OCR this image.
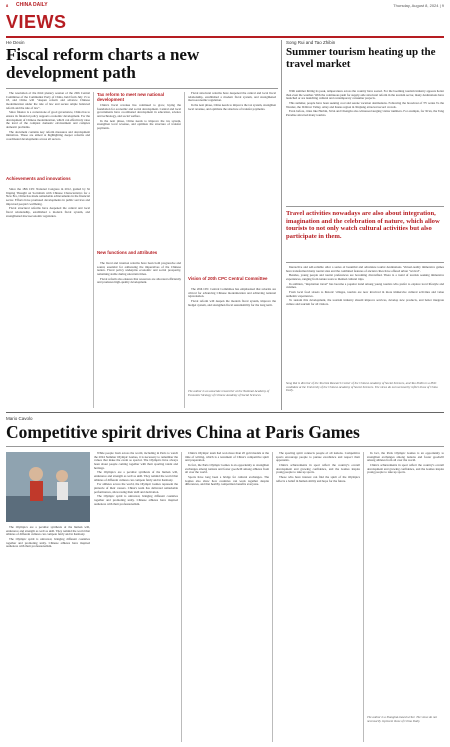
8 CHINA DAILY	Thursday, August 8, 2024 | 9
VIEWS
He Dexin
Fiscal reform charts a new development path

The resolution of the third plenary session of the 20th Central Committee of the Communist Party of China, held from July 15 to 18, and China will "deepen reform and advance Chinese modernization under the rule of law and secure ample balanced reform and the rule of law".

Since finance is a cornerstone of good governance, China has to ensure its financial policy supports economic development. For the development of Chinese modernization, which can effectively raise the level of the complex domestic environment and complex domestic problems.

The document contains key reform measures and development initiatives. These are aimed at highlighting deeper reforms and coordinated developments across all sectors.

Achievements and innovations

Since the 18th CPC National Congress in 2012, guided by Xi Jinping Thought on Socialism with Chinese Characteristics for a New Era, China has made remarkable achievements in the financial sector. Efforts have promoted developments in public services and improved people's wellbeing.

Fiscal structural reforms have deepened the central and local fiscal relationship, established a modern fiscal system, and strengthened macroeconomic regulation.

Tax reform to meet new national development

China's fiscal revenue has continued to grow, laying the foundation for economic and social development. Central and local governments have coordinated development in education, science and technology, and social welfare.

In the next phase, China needs to improve the tax system, strengthen local revenue, and optimize the structure of transfer payments.

New functions and attributes

The fiscal and taxation reforms have been both progressive and sound, essential for addressing the imperatives of the Chinese nation. Fiscal policy underpins economic and social prosperity, remaining stable during uncertain times.

Fiscal reform also ensures that resources are allocated efficiently and promotes high-quality development.

Fiscal structural reforms have deepened the central and local fiscal relationship, established a modern fiscal system, and strengthened macroeconomic regulation.

In the next phase, China needs to improve the tax system, strengthen local revenue, and optimize the structure of transfer payments.

Vision of 20th CPC Central Committee

The 20th CPC Central Committee has emphasized that reforms are critical for advancing Chinese modernization and achieving national rejuvenation.

Fiscal reform will deepen the modern fiscal system, improve the budget system, and strengthen fiscal sustainability for the long term.

The author is an associate researcher at the National Academy of Economic Strategy of Chinese Academy of Social Sciences.
Song Rui and Tao Zhibin
Summer tourism heating up the travel market

With summer hitting its peak, temperatures across the country have soared. For the booming tourism industry appears hotter than even the weather. With the continuous push for supply-side structural reform in the tourism sector, many destinations have launched or are launching cultural and contemporary consumer projects.

This summer, people have been seeking cool and serene vacation destinations. Following the broadcast of TV series To the Wonder, the Ili River Valley, Altay and Kanas region in Xinjiang attracted record crowds.

Even before, cities like Harbin, Xi'an and Chengdu also witnessed surging visitor numbers. For example, for Xi'an, the Tang Paradise attracted many tourists.

Travel activities nowadays are also about integration, imagination and the celebration of nature, which allow tourists to not only watch cultural activities but also participate in them.

Interactive and self-reliable offer a series of beautiful and adventure tourist destinations. Virtual-reality immersive games have transformed many tourist sites and the combined features of ancient cities have offered urban "revival".

Besides, young people and tourist preferences are becoming diversified. There is a trend of tourists seeking immersive experiences, ranging from nature tours to themed cultural trips.

In addition, "inspiration travel" has become a popular trend among young tourists who prefer to explore local lifestyle and cuisines.

From local food streets to historic villages, tourists are now involved in more immersive cultural activities and value authentic experiences.

To sustain this development, the tourism industry should improve services, develop new products, and better integrate culture and tourism for all visitors.

Song Rui is director of the Tourism Research Center of the Chinese Academy of Social Sciences, and Tao Zhibin is a PhD candidate at the University of the Chinese Academy of Social Sciences. The views do not necessarily reflect those of China Daily.
Mario Cavolo
Competitive spirit drives China at Paris Games

While people from across the world, including in Paris to watch the 2024 Summer Olympic Games, it is necessary to remember the values that make the event so special. The Olympics have always been about people coming together with their sporting talent and heritage.

The Olympics are a peculiar synthesis of the human will, endurance and strength as well as skill. They remind the world that athletes of different cultures can compete fairly and in harmony.

For athletes across the world, the Olympic Games represent the pinnacle of their careers. China's team has delivered remarkable performances, showcasing their skill and dedication.

The Olympic spirit is universal, bringing different countries together and promoting unity. Chinese athletes have inspired audiences with their professionalism.

The Olympics are a peculiar synthesis of the human will, endurance and strength as well as skill. They remind the world that athletes of different cultures can compete fairly and in harmony.

The Olympic spirit is universal, bringing different countries together and promoting unity. Chinese athletes have inspired audiences with their professionalism.

China's Olympic team had won more than 20 gold medals at the time of writing, which is a testament of China's competitive spirit and preparation.

In fact, the Paris Olympic Games is an opportunity to strengthen exchanges among nations and foster goodwill among athletes from all over the world.

Sports have long been a bridge for cultural exchanges. The Games also show how countries can work together despite differences, and that healthy competition benefits everyone.

The sporting spirit connects people of all nations. Competitive sports encourage people to pursue excellence and respect their opponents.

China's achievements in sport reflect the country's overall development and growing confidence, and the Games inspire young people to take up sports.

Those who have interest can find the spirit of the Olympics reflects a belief in human ability and hope for the future.

In fact, the Paris Olympic Games is an opportunity to strengthen exchanges among nations and foster goodwill among athletes from all over the world.

China's achievements in sport reflect the country's overall development and growing confidence, and the Games inspire young people to take up sports.

The author is a Shanghai-based writer. The views do not necessarily represent those of China Daily.
